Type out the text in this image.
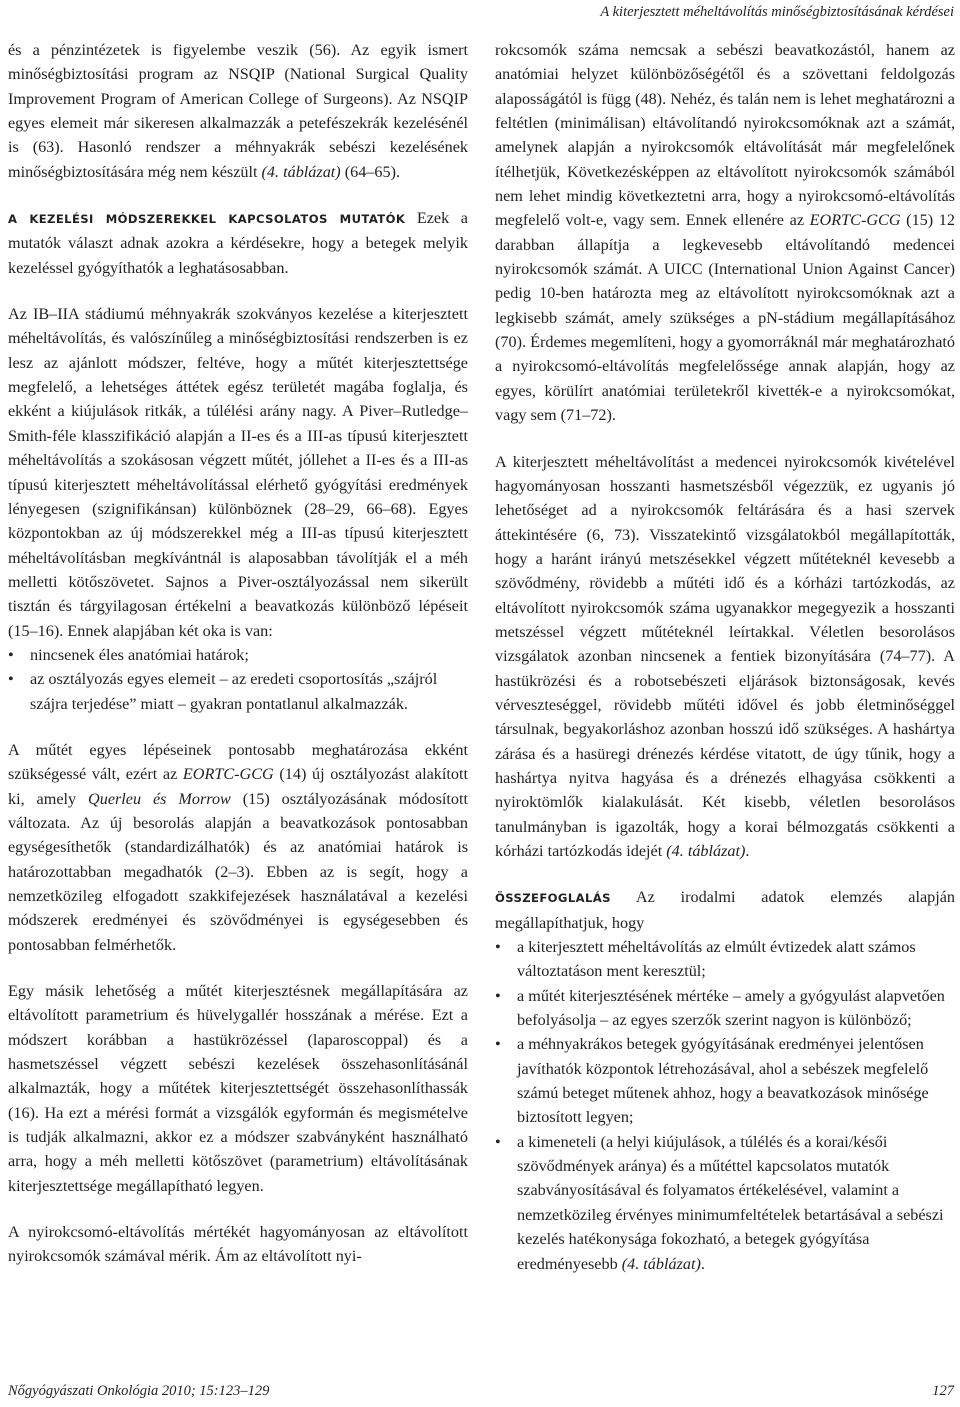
A kiterjesztett méheltávolítás minőségbiztosításának kérdései

és a pénzintézetek is figyelembe veszik (56). Az egyik ismert minőségbiztosítási program az NSQIP (National Surgical Quality Improvement Program of American College of Surgeons). Az NSQIP egyes elemeit már sikeresen alkalmazzák a petefészekrák kezelésénél is (63). Hasonló rendszer a méhnyakrák sebészi kezelésének minőségbiztosítására még nem készült (4. táblázat) (64–65).

A KEZELÉSI MÓDSZEREKKEL KAPCSOLATOS MUTATÓK Ezek a mutatók választ adnak azokra a kérdésekre, hogy a betegek melyik kezeléssel gyógyíthatók a leghatásosabban.

Az IB–IIA stádiumú méhnyakrák szokványos kezelése a kiterjesztett méheltávolítás, és valószínűleg a minőségbiztosítási rendszerben is ez lesz az ajánlott módszer, feltéve, hogy a műtét kiterjesztettsége megfelelő, a lehetséges áttétek egész területét magába foglalja, és ekként a kiújulások ritkák, a túlélési arány nagy. A Piver–Rutledge–Smith-féle klasszifikáció alapján a II-es és a III-as típusú kiterjesztett méheltávolítás a szokásosan végzett műtét, jóllehet a II-es és a III-as típusú kiterjesztett méheltávolítással elérhető gyógyítási eredmények lényegesen (szignifikánsan) különböznek (28–29, 66–68). Egyes központokban az új módszerekkel még a III-as típusú kiterjesztett méheltávolításban megkívántnál is alaposabban távolítják el a méh melletti kötőszövetet. Sajnos a Piver-osztályozással nem sikerült tisztán és tárgyilagosan értékelni a beavatkozás különböző lépéseit (15–16). Ennek alapjában két oka is van:

• nincsenek éles anatómiai határok;
• az osztályozás egyes elemeit – az eredeti csoportosítás „szájról szájra terjedése” miatt – gyakran pontatlanul alkalmazzák.

A műtét egyes lépéseinek pontosabb meghatározása ekként szükségessé vált, ezért az EORTC-GCG (14) új osztályozást alakított ki, amely Querleu és Morrow (15) osztályozásának módosított változata. Az új besorolás alapján a beavatkozások pontosabban egységesíthetők (standardizálhatók) és az anatómiai határok is határozottabban megadhatók (2–3). Ebben az is segít, hogy a nemzetközileg elfogadott szakkifejezések használatával a kezelési módszerek eredményei és szövődményei is egységesebben és pontosabban felmérhetők.

Egy másik lehetőség a műtét kiterjesztésnek megállapítására az eltávolított parametrium és hüvelygallér hosszának a mérése. Ezt a módszert korábban a hastükrözéssel (laparoscoppal) és a hasmetszéssel végzett sebészi kezelések összehasonlításánál alkalmazták, hogy a műtétek kiterjesztettségét összehasonlíthassák (16). Ha ezt a mérési formát a vizsgálók egyformán és megismételve is tudják alkalmazni, akkor ez a módszer szabványként használható arra, hogy a méh melletti kötőszövet (parametrium) eltávolításának kiterjesztettsége megállapítható legyen.

A nyirokcsomó-eltávolítás mértékét hagyományosan az eltávolított nyirokcsomók számával mérik. Ám az eltávolított nyi-

rokcsomók száma nemcsak a sebészi beavatkozástól, hanem az anatómiai helyzet különbözőségétől és a szövettani feldolgozás alaposságától is függ (48). Nehéz, és talán nem is lehet meghatározni a feltétlen (minimálisan) eltávolítandó nyirokcsomóknak azt a számát, amelynek alapján a nyirokcsomók eltávolítását már megfelelőnek ítélhetjük, Következésképpen az eltávolított nyirokcsomók számából nem lehet mindig következtetni arra, hogy a nyirokcsomó-eltávolítás megfelelő volt-e, vagy sem. Ennek ellenére az EORTC-GCG (15) 12 darabban állapítja a legkevesebb eltávolítandó medencei nyirokcsomók számát. A UICC (International Union Against Cancer) pedig 10-ben határozta meg az eltávolított nyirokcsomóknak azt a legkisebb számát, amely szükséges a pN-stádium megállapításához (70). Érdemes megemlíteni, hogy a gyomorráknál már meghatározható a nyirokcsomó-eltávolítás megfelelőssége annak alapján, hogy az egyes, körülírt anatómiai területekről kivették-e a nyirokcsomókat, vagy sem (71–72).

A kiterjesztett méheltávolítást a medencei nyirokcsomók kivételével hagyományosan hosszanti hasmetszésből végezzük, ez ugyanis jó lehetőséget ad a nyirokcsomók feltárására és a hasi szervek áttekintésére (6, 73). Visszatekintő vizsgálatokból megállapították, hogy a haránt irányú metszésekkel végzett műtéteknél kevesebb a szövődmény, rövidebb a műtéti idő és a kórházi tartózkodás, az eltávolított nyirokcsomók száma ugyanakkor megegyezik a hosszanti metszéssel végzett műtéteknél leírtakkal. Véletlen besorolásos vizsgálatok azonban nincsenek a fentiek bizonyítására (74–77). A hastükrözési és a robotsebészeti eljárások biztonságosak, kevés vérveszteséggel, rövidebb műtéti idővel és jobb életminőséggel társulnak, begyakorláshoz azonban hosszú idő szükséges. A hashártya zárása és a hasüregi drénezés kérdése vitatott, de úgy tűnik, hogy a hashártya nyitva hagyása és a drénezés elhagyása csökkenti a nyiroktömlők kialakulását. Két kisebb, véletlen besorolásos tanulmányban is igazolták, hogy a korai bélmozgatás csökkenti a kórházi tartózkodás idejét (4. táblázat).

ÖSSZEFOGLALÁS Az irodalmi adatok elemzés alapján megállapíthatjuk, hogy

• a kiterjesztett méheltávolítás az elmúlt évtizedek alatt számos változtatáson ment keresztül;
• a műtét kiterjesztésének mértéke – amely a gyógyulást alapvetően befolyásolja – az egyes szerzők szerint nagyon is különböző;
• a méhnyakrákos betegek gyógyításának eredményei jelentősen javíthatók központok létrehozásával, ahol a sebészek megfelelő számú beteget műtenek ahhoz, hogy a beavatkozások minősége biztosított legyen;
• a kimeneteli (a helyi kiújulások, a túlélés és a korai/késői szövődmények aránya) és a műtéttel kapcsolatos mutatók szabványosításával és folyamatos értékelésével, valamint a nemzetközileg érvényes minimumfeltételek betartásával a sebészi kezelés hatékonysága fokozható, a betegek gyógyítása eredményesebb (4. táblázat).
Nőgyógyászati Onkológia 2010; 15:123–129	127
